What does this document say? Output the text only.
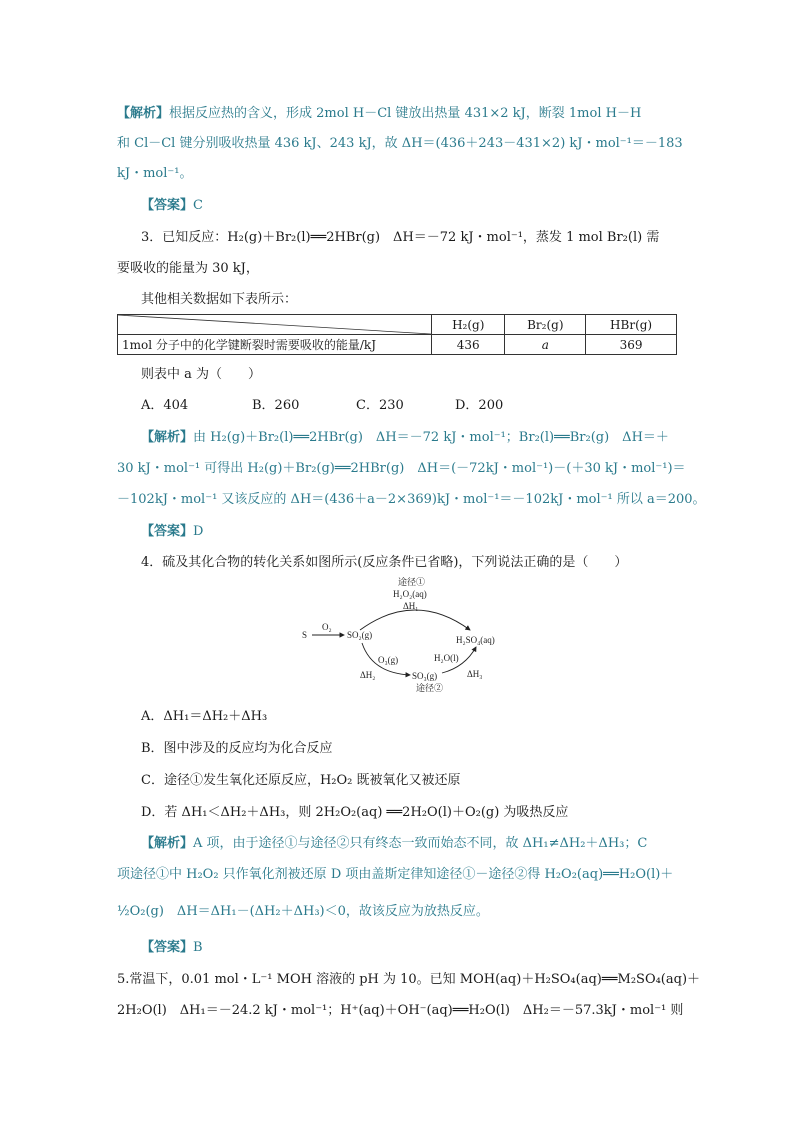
【解析】根据反应热的含义，形成 2mol H－Cl 键放出热量 431×2 kJ，断裂 1mol H－H
和 Cl－Cl 键分别吸收热量 436 kJ、243 kJ，故 ΔH＝(436＋243－431×2) kJ・mol⁻¹＝－183
kJ・mol⁻¹。
【答案】C
3．已知反应：H₂(g)＋Br₂(l)══2HBr(g)　ΔH＝－72 kJ・mol⁻¹，蒸发 1 mol Br₂(l) 需
要吸收的能量为 30 kJ，
其他相关数据如下表所示：
	H₂(g)	Br₂(g)	HBr(g)
1mol 分子中的化学键断裂时需要吸收的能量/kJ	436	a	369
则表中 a 为（　　）
A．404	B．260	C．230	D．200
【解析】由 H₂(g)＋Br₂(l)══2HBr(g)　ΔH＝－72 kJ・mol⁻¹；Br₂(l)══Br₂(g)　ΔH＝＋
30 kJ・mol⁻¹ 可得出 H₂(g)＋Br₂(g)══2HBr(g)　ΔH＝(－72kJ・mol⁻¹)－(＋30 kJ・mol⁻¹)＝
－102kJ・mol⁻¹ 又该反应的 ΔH＝(436＋a－2×369)kJ・mol⁻¹＝－102kJ・mol⁻¹ 所以 a＝200。
【答案】D
4．硫及其化合物的转化关系如图所示(反应条件已省略)，下列说法正确的是（　　）
途径①
H₂O₂(aq)
ΔH₁
S
O₂
SO₂(g)	H₂SO₄(aq)
O₃(g)	H₂O(l)
ΔH₂	ΔH₃
SO₃(g)
途径②
A．ΔH₁＝ΔH₂＋ΔH₃
B．图中涉及的反应均为化合反应
C．途径①发生氧化还原反应，H₂O₂ 既被氧化又被还原
D．若 ΔH₁＜ΔH₂＋ΔH₃，则 2H₂O₂(aq) ══2H₂O(l)＋O₂(g) 为吸热反应
【解析】A 项，由于途径①与途径②只有终态一致而始态不同，故 ΔH₁≠ΔH₂＋ΔH₃；C
项途径①中 H₂O₂ 只作氧化剂被还原 D 项由盖斯定律知途径①－途径②得 H₂O₂(aq)══H₂O(l)＋
½O₂(g)　ΔH＝ΔH₁－(ΔH₂＋ΔH₃)＜0，故该反应为放热反应。
【答案】B
5.常温下，0.01 mol・L⁻¹ MOH 溶液的 pH 为 10。已知 MOH(aq)＋H₂SO₄(aq)══M₂SO₄(aq)＋
2H₂O(l)　ΔH₁＝－24.2 kJ・mol⁻¹；H⁺(aq)＋OH⁻(aq)══H₂O(l)　ΔH₂＝－57.3kJ・mol⁻¹ 则
